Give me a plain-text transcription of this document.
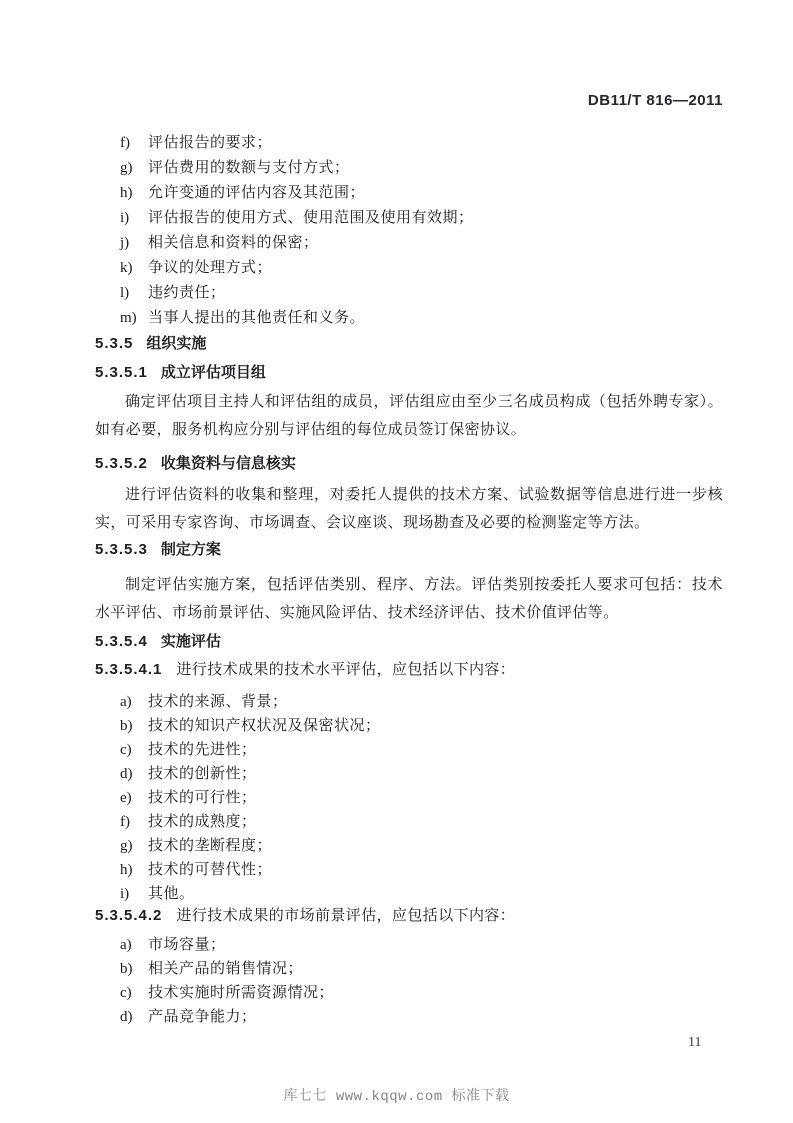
DB11/T 816—2011
f)	评估报告的要求；
g)	评估费用的数额与支付方式；
h)	允许变通的评估内容及其范围；
i)	评估报告的使用方式、使用范围及使用有效期；
j)	相关信息和资料的保密；
k)	争议的处理方式；
l)	违约责任；
m) 当事人提出的其他责任和义务。
5.3.5 组织实施
5.3.5.1 成立评估项目组

确定评估项目主持人和评估组的成员，评估组应由至少三名成员构成（包括外聘专家）。如有必要，服务机构应分别与评估组的每位成员签订保密协议。

5.3.5.2 收集资料与信息核实

进行评估资料的收集和整理，对委托人提供的技术方案、试验数据等信息进行进一步核实，可采用专家咨询、市场调查、会议座谈、现场勘查及必要的检测鉴定等方法。

5.3.5.3 制定方案

制定评估实施方案，包括评估类别、程序、方法。评估类别按委托人要求可包括：技术水平评估、市场前景评估、实施风险评估、技术经济评估、技术价值评估等。

5.3.5.4 实施评估
5.3.5.4.1 进行技术成果的技术水平评估，应包括以下内容：
a)	技术的来源、背景；
b)	技术的知识产权状况及保密状况；
c)	技术的先进性；
d)	技术的创新性；
e)	技术的可行性；
f)	技术的成熟度；
g)	技术的垄断程度；
h)	技术的可替代性；
i)	其他。
5.3.5.4.2 进行技术成果的市场前景评估，应包括以下内容：
a)	市场容量；
b)	相关产品的销售情况；
c)	技术实施时所需资源情况；
d)	产品竞争能力；
11
库七七 www.kqqw.com 标准下载
